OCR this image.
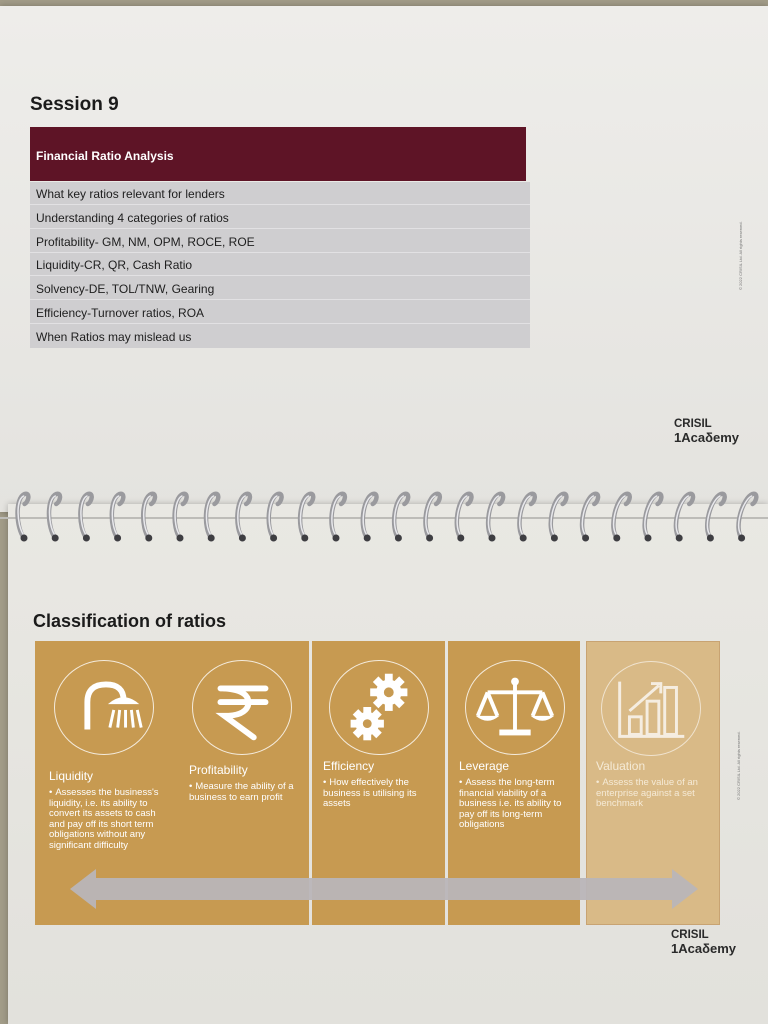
Session 9
Financial Ratio Analysis
What key ratios relevant for lenders
Understanding 4 categories of ratios
Profitability- GM, NM, OPM, ROCE, ROE
Liquidity-CR, QR, Cash Ratio
Solvency-DE, TOL/TNW, Gearing
Efficiency-Turnover ratios, ROA
When Ratios may mislead us
© 2022 CRISIL Ltd. All rights reserved.
CRISIL
1Acaδemy
Classification of ratios
Liquidity
• Assesses the business's liquidity, i.e. its ability to convert its assets to cash and pay off its short term obligations without any significant difficulty
Profitability
• Measure the ability of a business to earn profit
Efficiency
• How effectively the business is utilising its assets
Leverage
• Assess the long-term financial viability of a business i.e. its ability to pay off its long-term obligations
Valuation
• Assess the value of an enterprise against a set benchmark
© 2022 CRISIL Ltd. All rights reserved.
CRISIL
1Acaδemy
